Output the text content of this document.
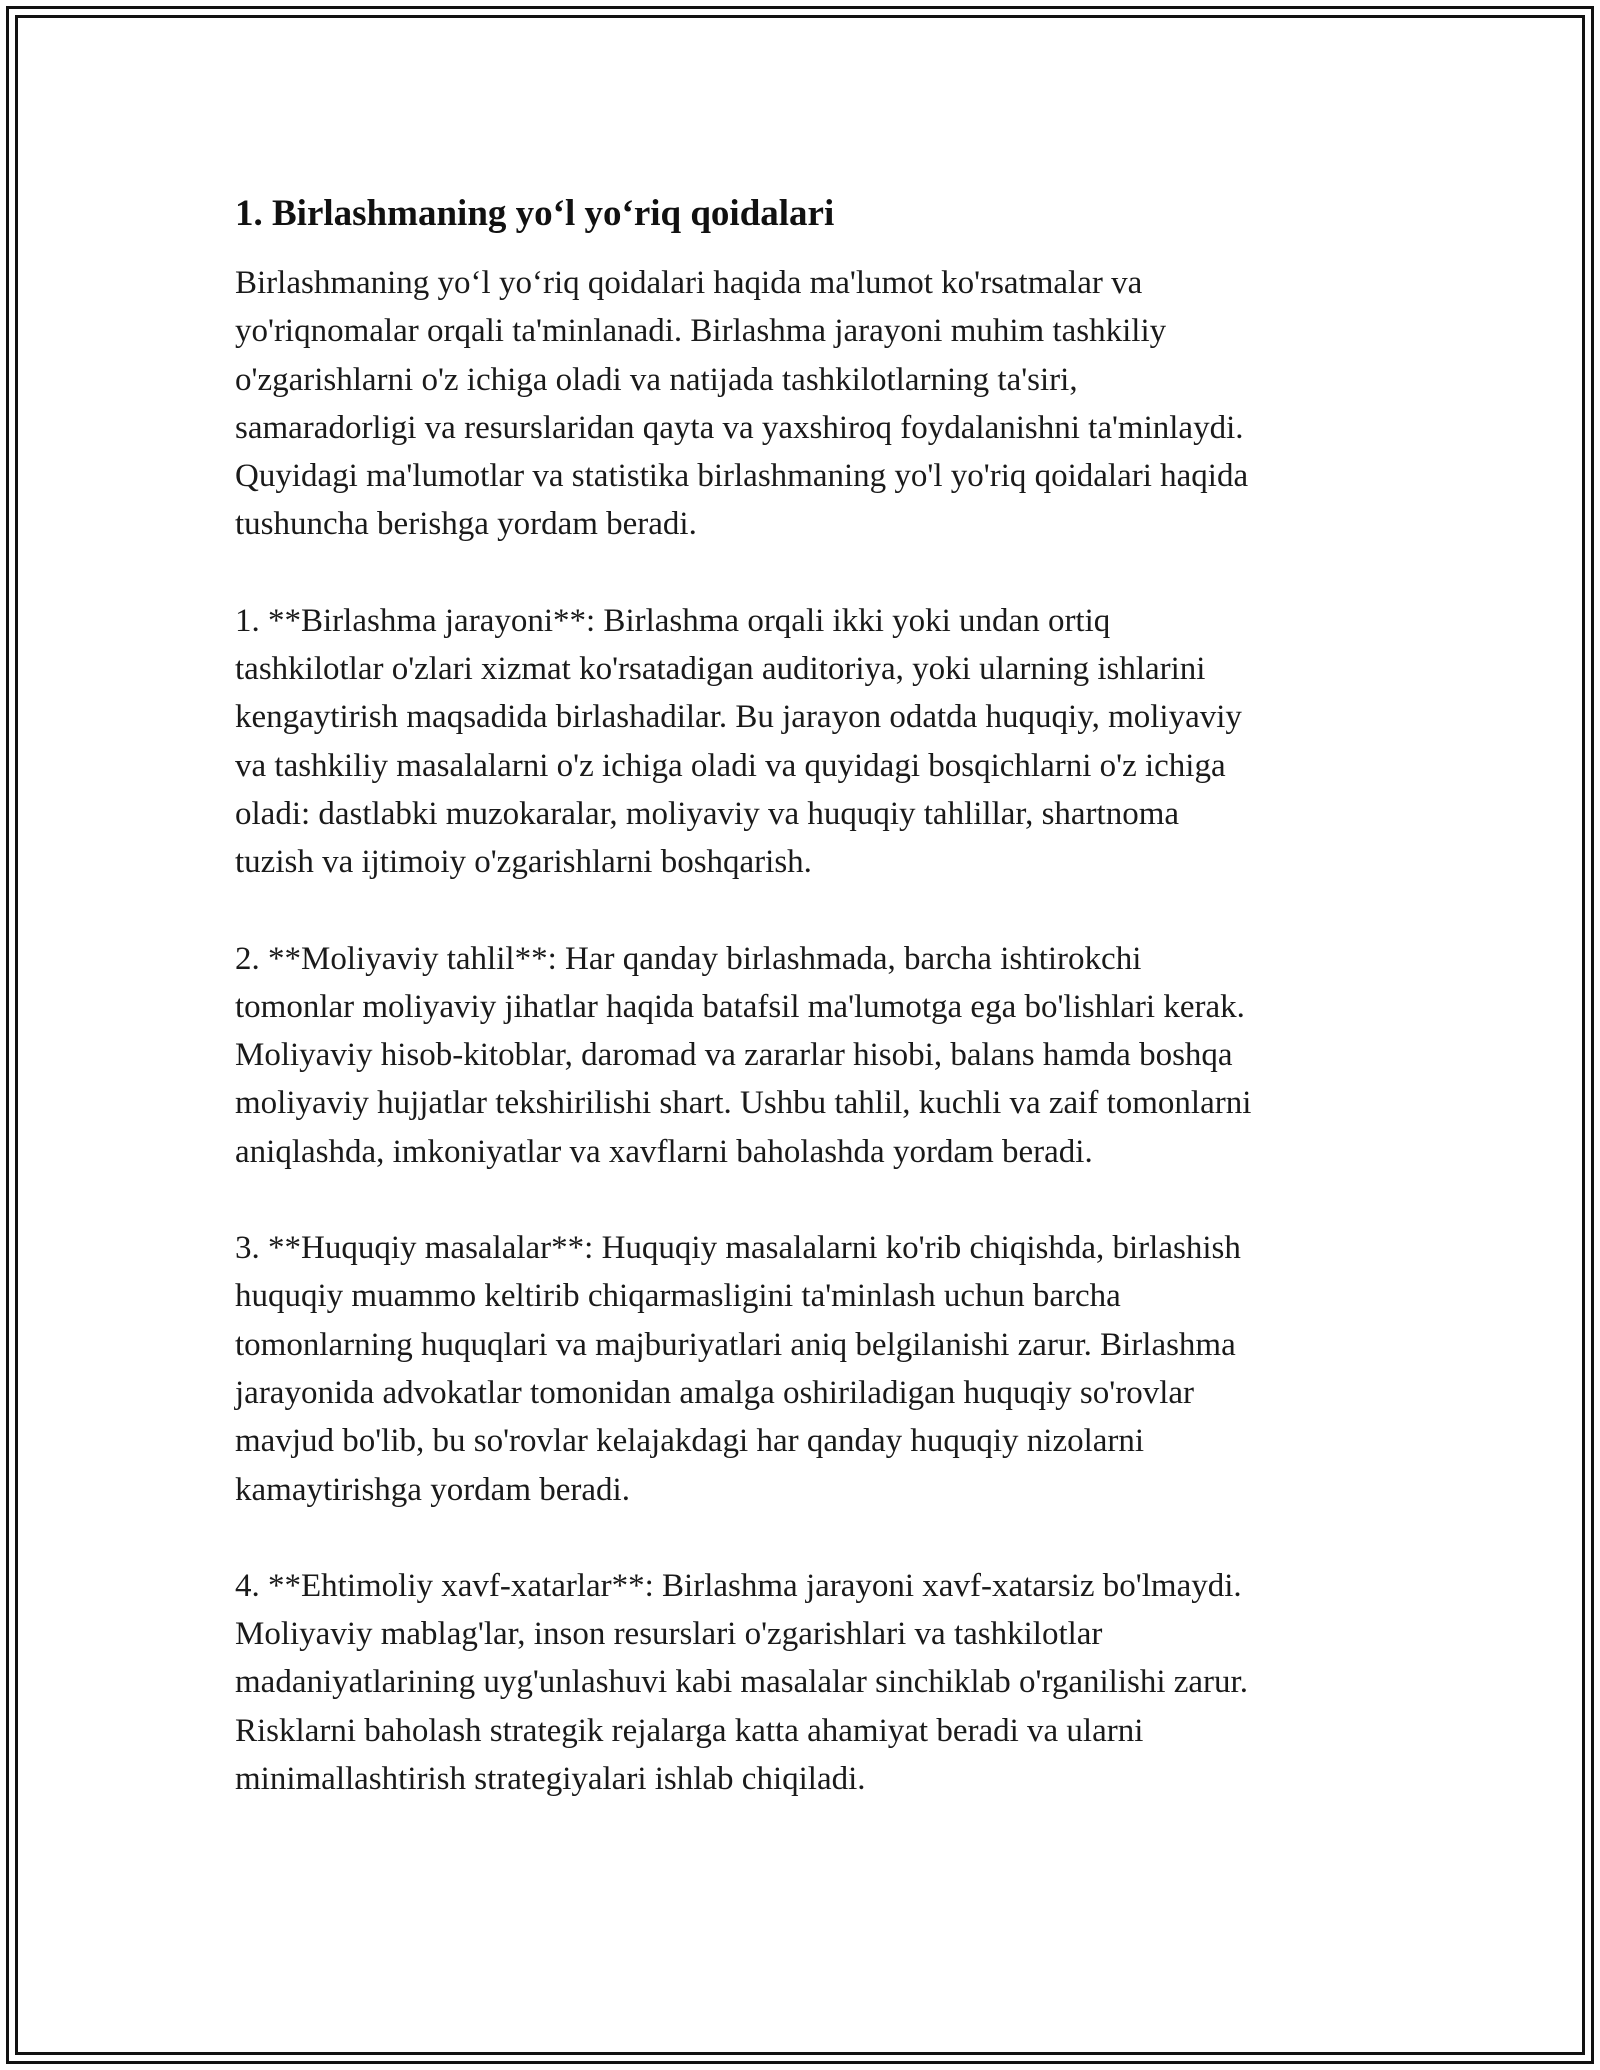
1. Birlashmaning yo‘l yo‘riq qoidalari

Birlashmaning yo‘l yo‘riq qoidalari haqida ma'lumot ko'rsatmalar va
yo'riqnomalar orqali ta'minlanadi. Birlashma jarayoni muhim tashkiliy
o'zgarishlarni o'z ichiga oladi va natijada tashkilotlarning ta'siri,
samaradorligi va resurslaridan qayta va yaxshiroq foydalanishni ta'minlaydi.
Quyidagi ma'lumotlar va statistika birlashmaning yo'l yo'riq qoidalari haqida
tushuncha berishga yordam beradi.

1. **Birlashma jarayoni**: Birlashma orqali ikki yoki undan ortiq
tashkilotlar o'zlari xizmat ko'rsatadigan auditoriya, yoki ularning ishlarini
kengaytirish maqsadida birlashadilar. Bu jarayon odatda huquqiy, moliyaviy
va tashkiliy masalalarni o'z ichiga oladi va quyidagi bosqichlarni o'z ichiga
oladi: dastlabki muzokaralar, moliyaviy va huquqiy tahlillar, shartnoma
tuzish va ijtimoiy o'zgarishlarni boshqarish.

2. **Moliyaviy tahlil**: Har qanday birlashmada, barcha ishtirokchi
tomonlar moliyaviy jihatlar haqida batafsil ma'lumotga ega bo'lishlari kerak.
Moliyaviy hisob-kitoblar, daromad va zararlar hisobi, balans hamda boshqa
moliyaviy hujjatlar tekshirilishi shart. Ushbu tahlil, kuchli va zaif tomonlarni
aniqlashda, imkoniyatlar va xavflarni baholashda yordam beradi.

3. **Huquqiy masalalar**: Huquqiy masalalarni ko'rib chiqishda, birlashish
huquqiy muammo keltirib chiqarmasligini ta'minlash uchun barcha
tomonlarning huquqlari va majburiyatlari aniq belgilanishi zarur. Birlashma
jarayonida advokatlar tomonidan amalga oshiriladigan huquqiy so'rovlar
mavjud bo'lib, bu so'rovlar kelajakdagi har qanday huquqiy nizolarni
kamaytirishga yordam beradi.

4. **Ehtimoliy xavf-xatarlar**: Birlashma jarayoni xavf-xatarsiz bo'lmaydi.
Moliyaviy mablag'lar, inson resurslari o'zgarishlari va tashkilotlar
madaniyatlarining uyg'unlashuvi kabi masalalar sinchiklab o'rganilishi zarur.
Risklarni baholash strategik rejalarga katta ahamiyat beradi va ularni
minimallashtirish strategiyalari ishlab chiqiladi.
